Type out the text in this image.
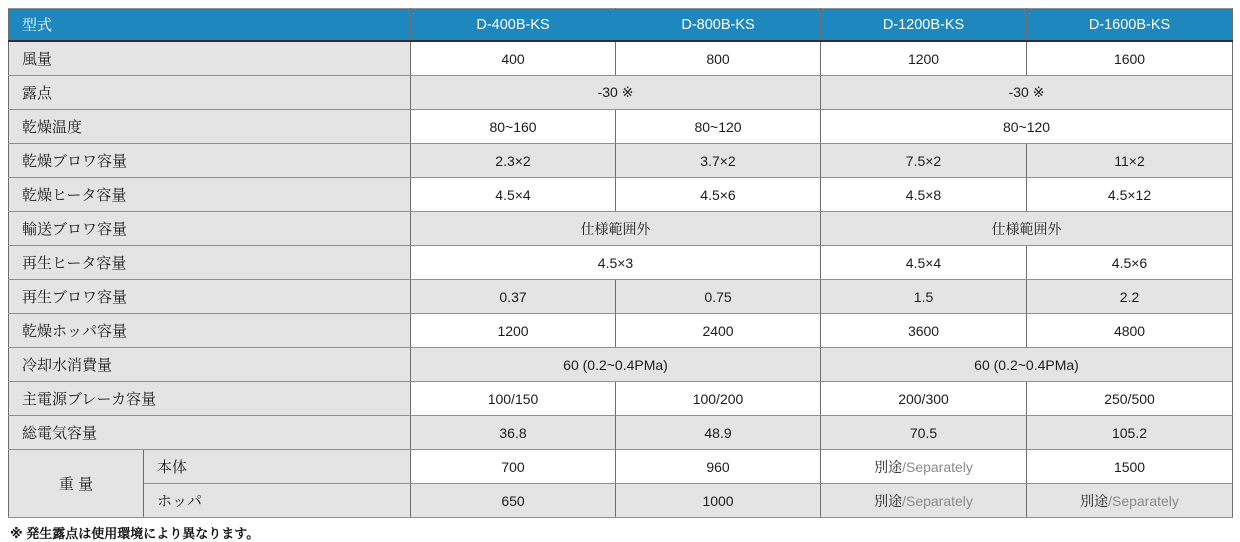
型式		D-400B-KS	D-800B-KS	D-1200B-KS	D-1600B-KS
風量		400	800	1200	1600
露点		-30 ※		-30 ※	
乾燥温度		80~160	80~120	80~120	
乾燥ブロワ容量		2.3×2	3.7×2	7.5×2	11×2
乾燥ヒータ容量		4.5×4	4.5×6	4.5×8	4.5×12
輸送ブロワ容量		仕様範囲外		仕様範囲外	
再生ヒータ容量		4.5×3		4.5×4	4.5×6
再生ブロワ容量		0.37	0.75	1.5	2.2
乾燥ホッパ容量		1200	2400	3600	4800
冷却水消費量		60 (0.2~0.4PMa)		60 (0.2~0.4PMa)	
主電源ブレーカ容量		100/150	100/200	200/300	250/500
総電気容量		36.8	48.9	70.5	105.2
重 量	本体	700	960	別途/Separately	1500
	ホッパ	650	1000	別途/Separately	別途/Separately
※ 発生露点は使用環境により異なります。
